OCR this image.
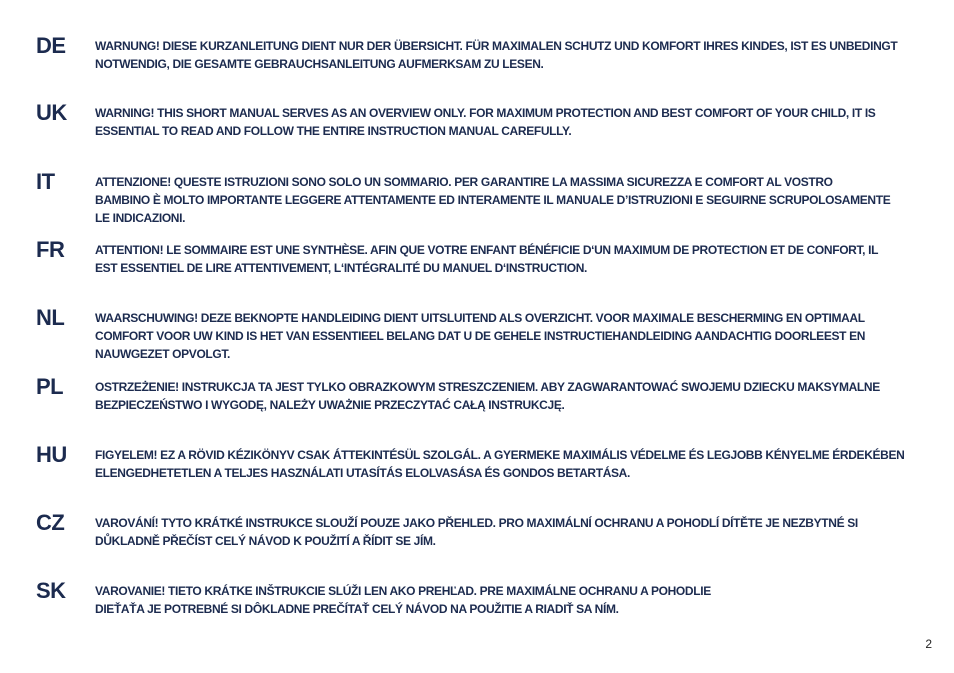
DE WARNUNG! DIESE KURZANLEITUNG DIENT NUR DER ÜBERSICHT. FÜR MAXIMALEN SCHUTZ UND KOMFORT IHRES KINDES, IST ES UNBEDINGT
NOTWENDIG, DIE GESAMTE GEBRAUCHSANLEITUNG AUFMERKSAM ZU LESEN.
UK WARNING! THIS SHORT MANUAL SERVES AS AN OVERVIEW ONLY. FOR MAXIMUM PROTECTION AND BEST COMFORT OF YOUR CHILD, IT IS
ESSENTIAL TO READ AND FOLLOW THE ENTIRE INSTRUCTION MANUAL CAREFULLY.
IT	ATTENZIONE! QUESTE ISTRUZIONI SONO SOLO UN SOMMARIO. PER GARANTIRE LA MASSIMA SICUREZZA E COMFORT AL VOSTRO
BAMBINO È MOLTO IMPORTANTE LEGGERE ATTENTAMENTE ED INTERAMENTE IL MANUALE D’ISTRUZIONI E SEGUIRNE SCRUPOLOSAMENTE
LE INDICAZIONI.
FR	ATTENTION! LE SOMMAIRE EST UNE SYNTHÈSE. AFIN QUE VOTRE ENFANT BÉNÉFICIE D‘UN MAXIMUM DE PROTECTION ET DE CONFORT, IL
EST ESSENTIEL DE LIRE ATTENTIVEMENT, L‘INTÉGRALITÉ DU MANUEL D‘INSTRUCTION.
NL	WAARSCHUWING! DEZE BEKNOPTE HANDLEIDING DIENT UITSLUITEND ALS OVERZICHT. VOOR MAXIMALE BESCHERMING EN OPTIMAAL
COMFORT VOOR UW KIND IS HET VAN ESSENTIEEL BELANG DAT U DE GEHELE INSTRUCTIEHANDLEIDING AANDACHTIG DOORLEEST EN
NAUWGEZET OPVOLGT.
PL	OSTRZEŻENIE! INSTRUKCJA TA JEST TYLKO OBRAZKOWYM STRESZCZENIEM. ABY ZAGWARANTOWAĆ SWOJEMU DZIECKU MAKSYMALNE
BEZPIECZEŃSTWO I WYGODĘ, NALEŻY UWAŻNIE PRZECZYTAĆ CAŁĄ INSTRUKCJĘ.
HU FIGYELEM! EZ A RÖVID KÉZIKÖNYV CSAK ÁTTEKINTÉSÜL SZOLGÁL. A GYERMEKE MAXIMÁLIS VÉDELME ÉS LEGJOBB KÉNYELME ÉRDEKÉBEN
ELENGEDHETETLEN A TELJES HASZNÁLATI UTASÍTÁS ELOLVASÁSA ÉS GONDOS BETARTÁSA.
CZ	VAROVÁNÍ! TYTO KRÁTKÉ INSTRUKCE SLOUŽÍ POUZE JAKO PŘEHLED. PRO MAXIMÁLNÍ OCHRANU A POHODLÍ DÍTĚTE JE NEZBYTNÉ SI
DŮKLADNĚ PŘEČÍST CELÝ NÁVOD K POUŽITÍ A ŘÍDIT SE JÍM.
SK VAROVANIE! TIETO KRÁTKE INŠTRUKCIE SLÚŽI LEN AKO PREHĽAD. PRE MAXIMÁLNE OCHRANU A POHODLIE
DIEŤAŤA JE POTREBNÉ SI DÔKLADNE PREČÍTAŤ CELÝ NÁVOD NA POUŽITIE A RIADIŤ SA NÍM.
2
